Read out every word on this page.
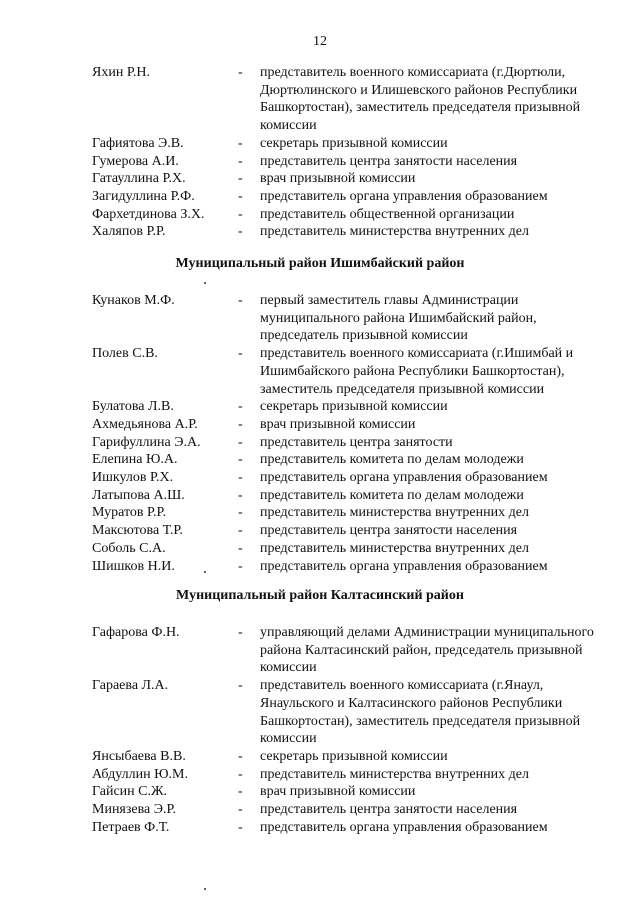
12
Яхин Р.Н.	-	представитель военного комиссариата (г.Дюртюли, Дюртюлинского и Илишевского районов Республики Башкортостан), заместитель председателя призывной комиссии
Гафиятова Э.В.	-	секретарь призывной комиссии
Гумерова А.И.	-	представитель центра занятости населения
Гатауллина Р.Х.	-	врач призывной комиссии
Загидуллина Р.Ф.	-	представитель органа управления образованием
Фархетдинова З.Х.	-	представитель общественной организации
Халяпов Р.Р.	-	представитель министерства внутренних дел
Муниципальный район Ишимбайский район
Кунаков М.Ф.	-	первый заместитель главы Администрации муниципального района Ишимбайский район, председатель призывной комиссии
Полев С.В.	-	представитель военного комиссариата (г.Ишимбай и Ишимбайского района Республики Башкортостан), заместитель председателя призывной комиссии
Булатова Л.В.	-	секретарь призывной комиссии
Ахмедьянова А.Р.	-	врач призывной комиссии
Гарифуллина Э.А.	-	представитель центра занятости
Елепина Ю.А.	-	представитель комитета по делам молодежи
Ишкулов Р.Х.	-	представитель органа управления образованием
Латыпова А.Ш.	-	представитель комитета по делам молодежи
Муратов Р.Р.	-	представитель министерства внутренних дел
Максютова Т.Р.	-	представитель центра занятости населения
Соболь С.А.	-	представитель министерства внутренних дел
Шишков Н.И.	-	представитель органа управления образованием
Муниципальный район Калтасинский район
Гафарова Ф.Н.	-	управляющий делами Администрации муниципального района Калтасинский район, председатель призывной комиссии
Гараева Л.А.	-	представитель военного комиссариата (г.Янаул, Янаульского и Калтасинского районов Республики Башкортостан), заместитель председателя призывной комиссии
Янсыбаева В.В.	-	секретарь призывной комиссии
Абдуллин Ю.М.	-	представитель министерства внутренних дел
Гайсин С.Ж.	-	врач призывной комиссии
Минязева Э.Р.	-	представитель центра занятости населения
Петраев Ф.Т.	-	представитель органа управления образованием
